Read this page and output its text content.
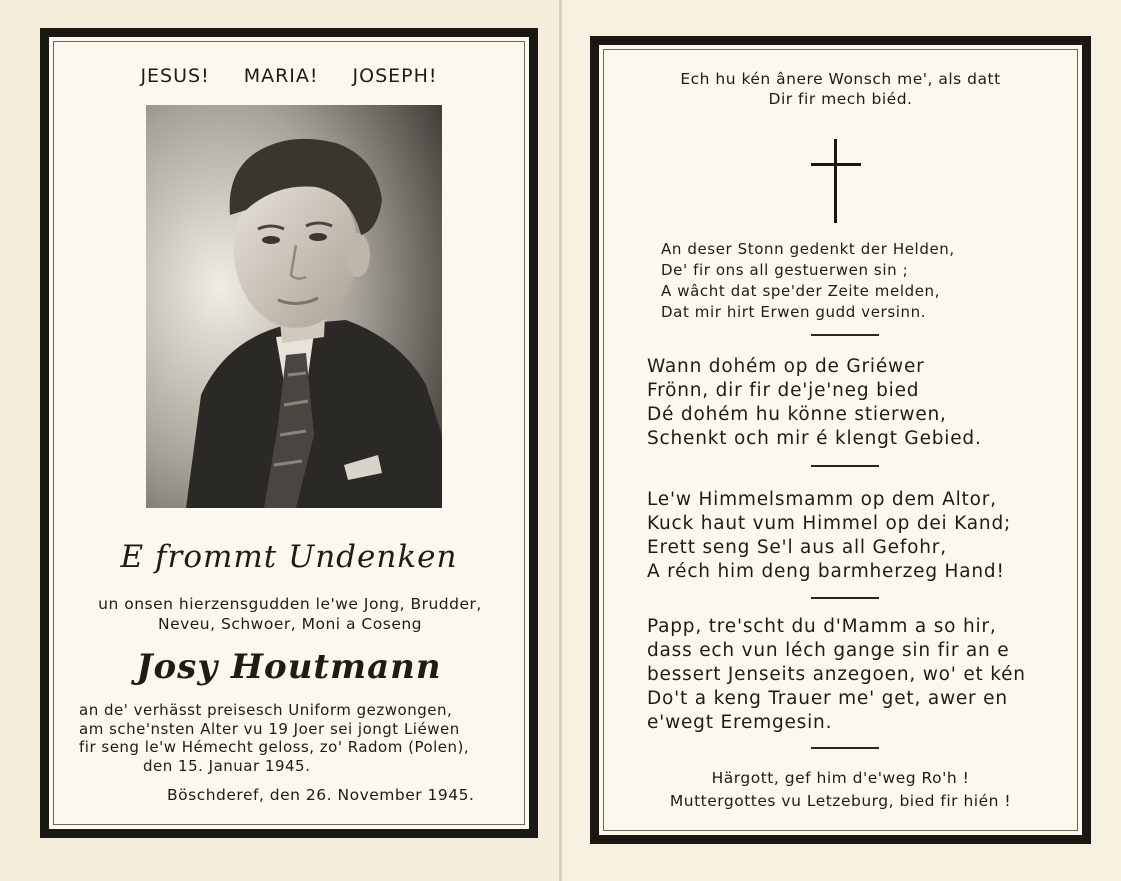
JESUS! MARIA! JOSEPH!
E frommt Undenken
un onsen hierzensgudden le'we Jong, Brudder,
Neveu, Schwoer, Moni a Coseng
Josy Houtmann
an de' verhässt preisesch Uniform gezwongen,
am sche'nsten Alter vu 19 Joer sei jongt Liéwen
fir seng le'w Hémecht geloss, zo' Radom (Polen),
den 15. Januar 1945.
Böschderef, den 26. November 1945.
Ech hu kén ânere Wonsch me', als datt
Dir fir mech biéd.
An deser Stonn gedenkt der Helden,
De' fir ons all gestuerwen sin ;
A wâcht dat spe'der Zeite melden,
Dat mir hirt Erwen gudd versinn.
Wann dohém op de Griéwer
Frönn, dir fir de'je'neg bied
Dé dohém hu könne stierwen,
Schenkt och mir é klengt Gebied.
Le'w Himmelsmamm op dem Altor,
Kuck haut vum Himmel op dei Kand;
Erett seng Se'l aus all Gefohr,
A réch him deng barmherzeg Hand!
Papp, tre'scht du d'Mamm a so hir,
dass ech vun léch gange sin fir an e
bessert Jenseits anzegoen, wo' et kén
Do't a keng Trauer me' get, awer en
e'wegt Eremgesin.
Härgott, gef him d'e'weg Ro'h !
Muttergottes vu Letzeburg, bied fir hién !
